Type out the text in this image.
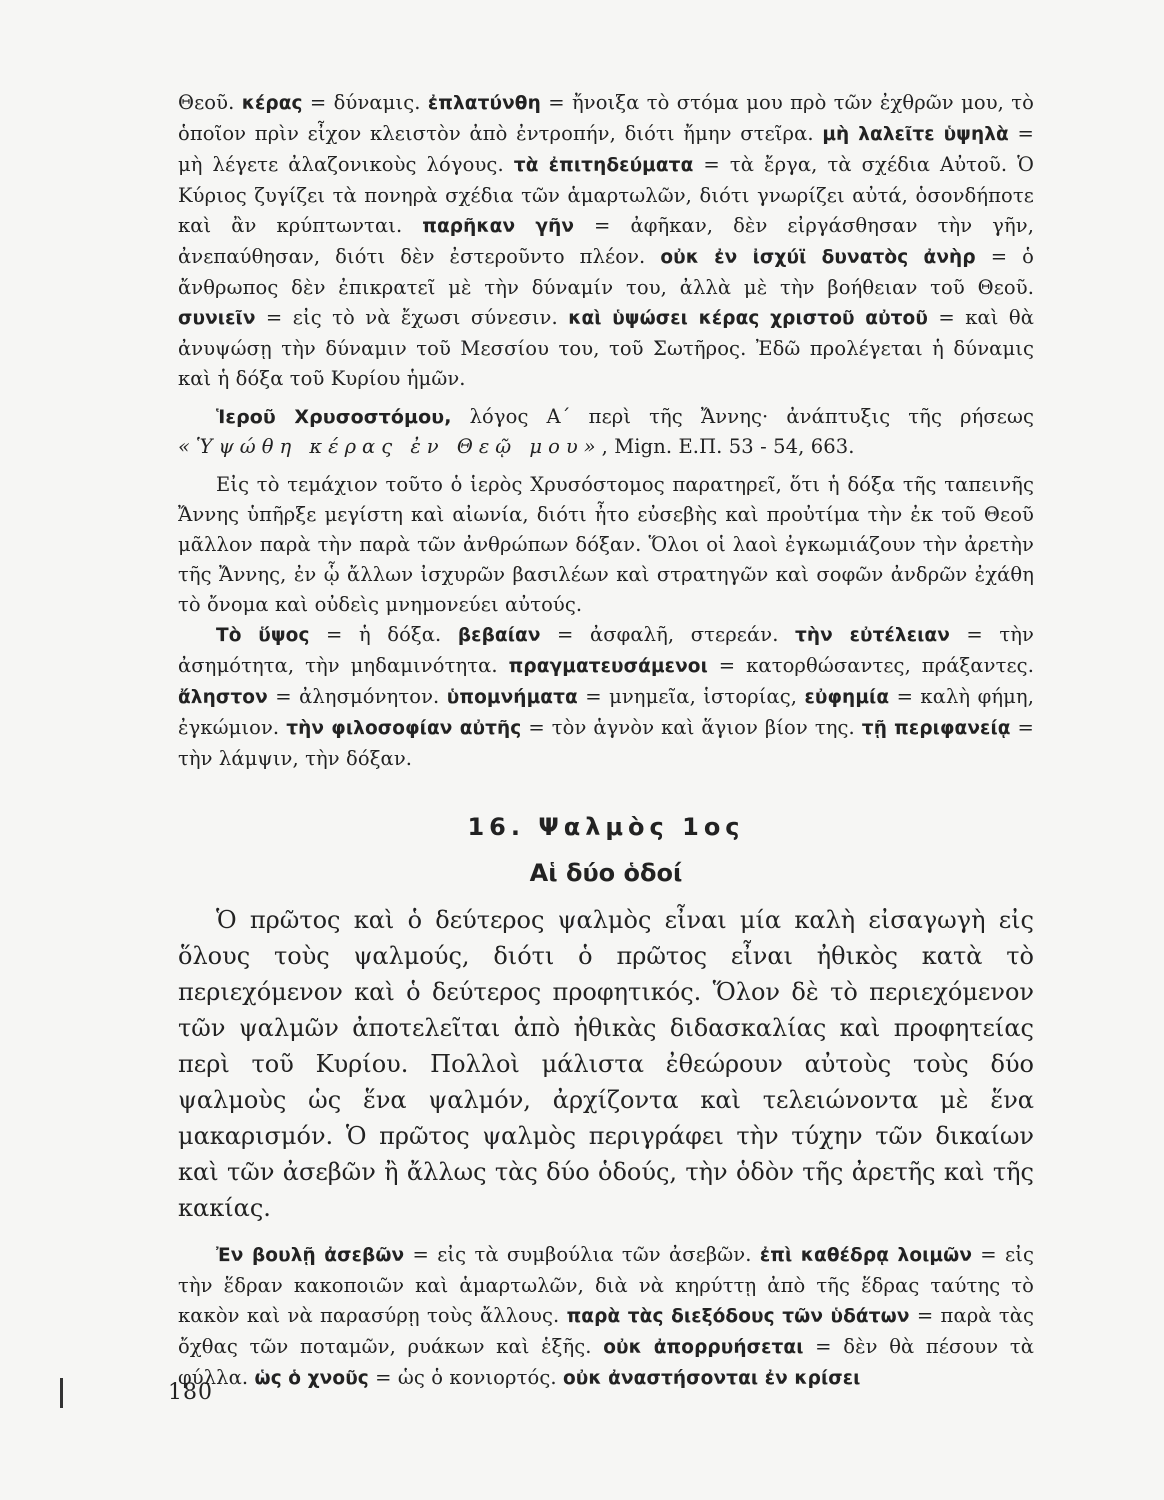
Θεοῦ. κέρας = δύναμις. ἐπλατύνθη = ἤνοιξα τὸ στόμα μου πρὸ τῶν ἐχθρῶν μου, τὸ ὁποῖον πρὶν εἶχον κλειστὸν ἀπὸ ἐντροπήν, διότι ἤμην στεῖρα. μὴ λαλεῖτε ὑψηλὰ = μὴ λέγετε ἀλαζονικοὺς λόγους. τὰ ἐπιτηδεύματα = τὰ ἔργα, τὰ σχέδια Αὐτοῦ. Ὁ Κύριος ζυγίζει τὰ πονηρὰ σχέδια τῶν ἁμαρτωλῶν, διότι γνωρίζει αὐτά, ὁσονδήποτε καὶ ἂν κρύπτωνται. παρῆκαν γῆν = ἀφῆκαν, δὲν εἰργάσθησαν τὴν γῆν, ἀνεπαύθησαν, διότι δὲν ἐστεροῦντο πλέον. οὐκ ἐν ἰσχύϊ δυνατὸς ἀνὴρ = ὁ ἄνθρωπος δὲν ἐπικρατεῖ μὲ τὴν δύναμίν του, ἀλλὰ μὲ τὴν βοήθειαν τοῦ Θεοῦ. συνιεῖν = εἰς τὸ νὰ ἔχωσι σύνεσιν. καὶ ὑψώσει κέρας χριστοῦ αὐτοῦ = καὶ θὰ ἀνυψώσῃ τὴν δύναμιν τοῦ Μεσσίου του, τοῦ Σωτῆρος. Ἐδῶ προλέγεται ἡ δύναμις καὶ ἡ δόξα τοῦ Κυρίου ἡμῶν.

Ἱεροῦ Χρυσοστόμου, λόγος Α΄ περὶ τῆς Ἄννης· ἀνάπτυξις τῆς ρήσεως «Ὑψώθη κέρας ἐν Θεῷ μου», Mign. Ε.Π. 53 - 54, 663.

Εἰς τὸ τεμάχιον τοῦτο ὁ ἱερὸς Χρυσόστομος παρατηρεῖ, ὅτι ἡ δόξα τῆς ταπεινῆς Ἄννης ὑπῆρξε μεγίστη καὶ αἰωνία, διότι ἦτο εὐσεβὴς καὶ προὐτίμα τὴν ἐκ τοῦ Θεοῦ μᾶλλον παρὰ τὴν παρὰ τῶν ἀνθρώπων δόξαν. Ὅλοι οἱ λαοὶ ἐγκωμιάζουν τὴν ἀρετὴν τῆς Ἄννης, ἐν ᾧ ἄλλων ἰσχυρῶν βασιλέων καὶ στρατηγῶν καὶ σοφῶν ἀνδρῶν ἐχάθη τὸ ὄνομα καὶ οὐδεὶς μνημονεύει αὐτούς.

Τὸ ὕψος = ἡ δόξα. βεβαίαν = ἀσφαλῆ, στερεάν. τὴν εὐτέλειαν = τὴν ἀσημότητα, τὴν μηδαμινότητα. πραγματευσάμενοι = κατορθώσαντες, πράξαντες. ἄληστον = ἀλησμόνητον. ὑπομνήματα = μνημεῖα, ἱστορίας, εὐφημία = καλὴ φήμη, ἐγκώμιον. τὴν φιλοσοφίαν αὐτῆς = τὸν ἁγνὸν καὶ ἅγιον βίον της. τῇ περιφανείᾳ = τὴν λάμψιν, τὴν δόξαν.

16. Ψαλμὸς 1ος

Αἱ δύο ὁδοί

Ὁ πρῶτος καὶ ὁ δεύτερος ψαλμὸς εἶναι μία καλὴ εἰσαγωγὴ εἰς ὅλους τοὺς ψαλμούς, διότι ὁ πρῶτος εἶναι ἠθικὸς κατὰ τὸ περιεχόμενον καὶ ὁ δεύτερος προφητικός. Ὅλον δὲ τὸ περιεχόμενον τῶν ψαλμῶν ἀποτελεῖται ἀπὸ ἠθικὰς διδασκαλίας καὶ προφητείας περὶ τοῦ Κυρίου. Πολλοὶ μάλιστα ἐθεώρουν αὐτοὺς τοὺς δύο ψαλμοὺς ὡς ἕνα ψαλμόν, ἀρχίζοντα καὶ τελειώνοντα μὲ ἕνα μακαρισμόν. Ὁ πρῶτος ψαλμὸς περιγράφει τὴν τύχην τῶν δικαίων καὶ τῶν ἀσεβῶν ἢ ἄλλως τὰς δύο ὁδούς, τὴν ὁδὸν τῆς ἀρετῆς καὶ τῆς κακίας.

Ἐν βουλῇ ἀσεβῶν = εἰς τὰ συμβούλια τῶν ἀσεβῶν. ἐπὶ καθέδρᾳ λοιμῶν = εἰς τὴν ἕδραν κακοποιῶν καὶ ἁμαρτωλῶν, διὰ νὰ κηρύττῃ ἀπὸ τῆς ἕδρας ταύτης τὸ κακὸν καὶ νὰ παρασύρῃ τοὺς ἄλλους. παρὰ τὰς διεξόδους τῶν ὑδάτων = παρὰ τὰς ὄχθας τῶν ποταμῶν, ρυάκων καὶ ἑξῆς. οὐκ ἀπορρυήσεται = δὲν θὰ πέσουν τὰ φύλλα. ὡς ὁ χνοῦς = ὡς ὁ κονιορτός. οὐκ ἀναστήσονται ἐν κρίσει

180
